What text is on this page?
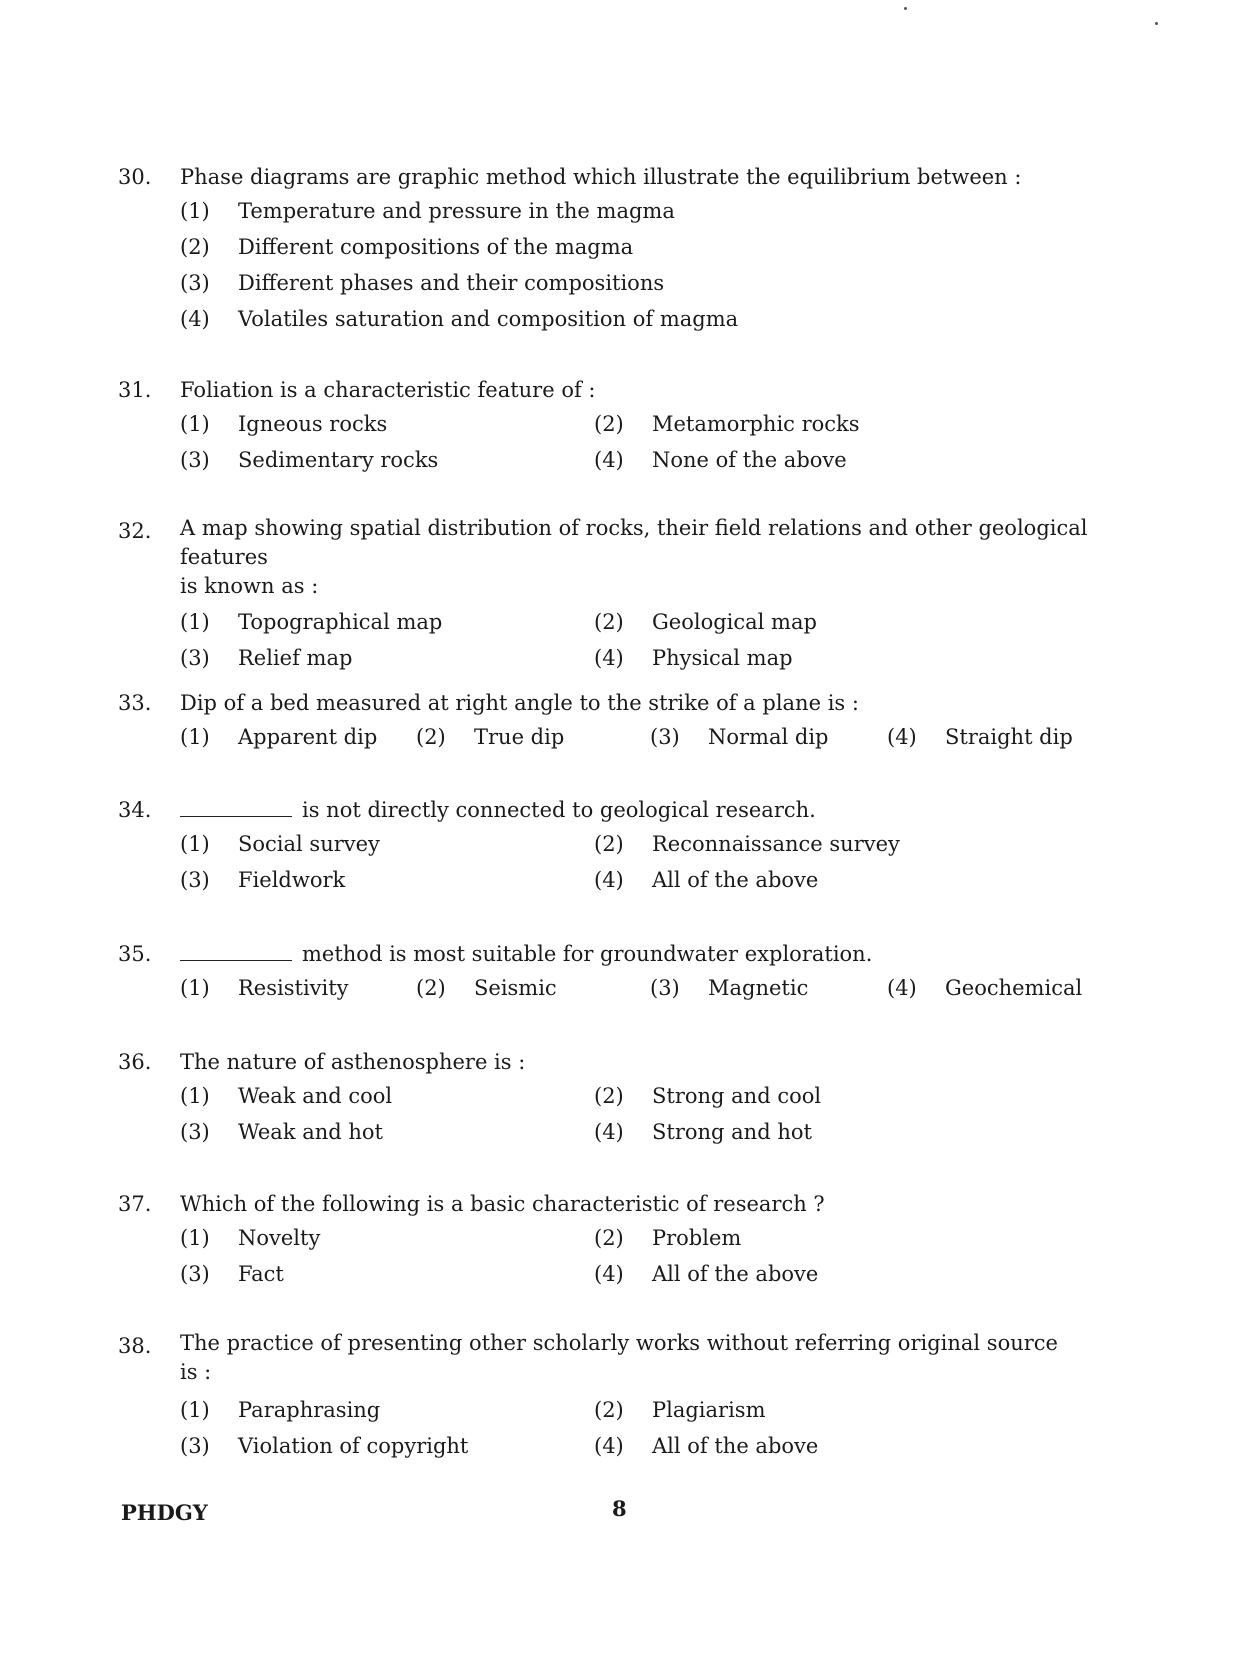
30.	Phase diagrams are graphic method which illustrate the equilibrium between :
(1) Temperature and pressure in the magma
(2) Different compositions of the magma
(3) Different phases and their compositions
(4) Volatiles saturation and composition of magma
31.	Foliation is a characteristic feature of :
(1) Igneous rocks	(2) Metamorphic rocks
(3) Sedimentary rocks	(4) None of the above
32.	A map showing spatial distribution of rocks, their field relations and other geological features
is known as :
(1) Topographical map	(2) Geological map
(3) Relief map	(4) Physical map
33.	Dip of a bed measured at right angle to the strike of a plane is :
(1) Apparent dip (2) True dip	(3) Normal dip	(4) Straight dip
34.	is not directly connected to geological research.
(1) Social survey	(2) Reconnaissance survey
(3) Fieldwork	(4) All of the above
35.	method is most suitable for groundwater exploration.
(1) Resistivity	(2) Seismic	(3) Magnetic	(4) Geochemical
36.	The nature of asthenosphere is :
(1) Weak and cool	(2) Strong and cool
(3) Weak and hot	(4) Strong and hot
37.	Which of the following is a basic characteristic of research ?
(1) Novelty	(2) Problem
(3) Fact	(4) All of the above
38.	The practice of presenting other scholarly works without referring original source
is :
(1) Paraphrasing	(2) Plagiarism
(3) Violation of copyright	(4) All of the above
PHDGY	8
